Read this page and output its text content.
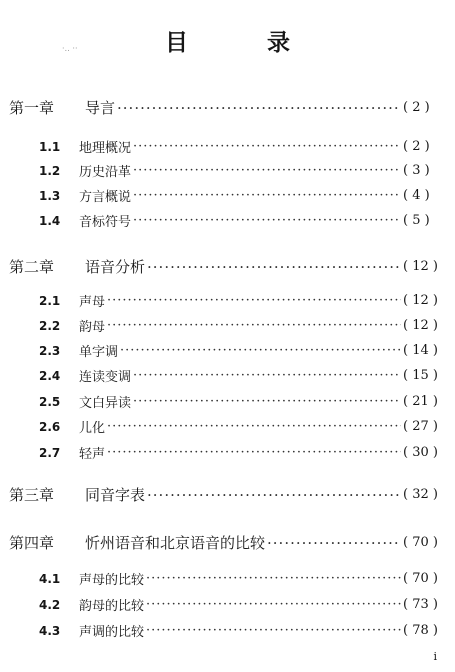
目　录
·‥ ··
第一章	导言 ·····	( 2 )
1.1	地理概况 ·····	( 2 )
1.2	历史沿革 ·····	( 3 )
1.3	方言概说 ·····	( 4 )
1.4	音标符号 ·····	( 5 )
第二章	语音分析 ·····	( 12 )
2.1	声母 ·····	( 12 )
2.2	韵母 ·····	( 12 )
2.3	单字调 ·····	( 14 )
2.4	连读变调 ·····	( 15 )
2.5	文白异读 ·····	( 21 )
2.6	儿化 ·····	( 27 )
2.7	轻声 ·····	( 30 )
第三章	同音字表 ·····	( 32 )
第四章	忻州语音和北京语音的比较 ·····	( 70 )
4.1	声母的比较 ·····	( 70 )
4.2	韵母的比较 ·····	( 73 )
4.3	声调的比较 ·····	( 78 )
i
